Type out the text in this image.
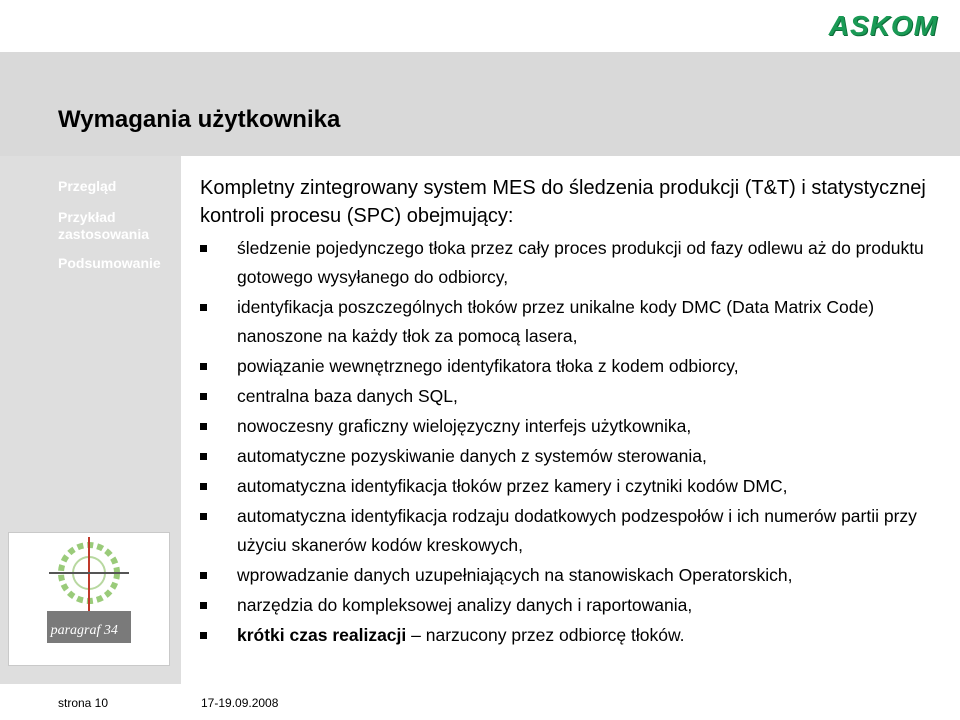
ASKOM
Wymagania użytkownika
Przegląd
Przykład zastosowania
Podsumowanie
klub paragraf 34
strona 10	17-19.09.2008
Kompletny zintegrowany system MES do śledzenia produkcji (T&T) i statystycznej kontroli procesu (SPC) obejmujący:
śledzenie pojedynczego tłoka przez cały proces produkcji od fazy odlewu aż do produktu gotowego wysyłanego do odbiorcy,
identyfikacja poszczególnych tłoków przez unikalne kody DMC (Data Matrix Code) nanoszone na każdy tłok za pomocą lasera,
powiązanie wewnętrznego identyfikatora tłoka z kodem odbiorcy,
centralna baza danych SQL,
nowoczesny graficzny wielojęzyczny interfejs użytkownika,
automatyczne pozyskiwanie danych z systemów sterowania,
automatyczna identyfikacja tłoków przez kamery i czytniki kodów DMC,
automatyczna identyfikacja rodzaju dodatkowych podzespołów i ich numerów partii przy użyciu skanerów kodów kreskowych,
wprowadzanie danych uzupełniających na stanowiskach Operatorskich,
narzędzia do kompleksowej analizy danych i raportowania,
krótki czas realizacji – narzucony przez odbiorcę tłoków.
